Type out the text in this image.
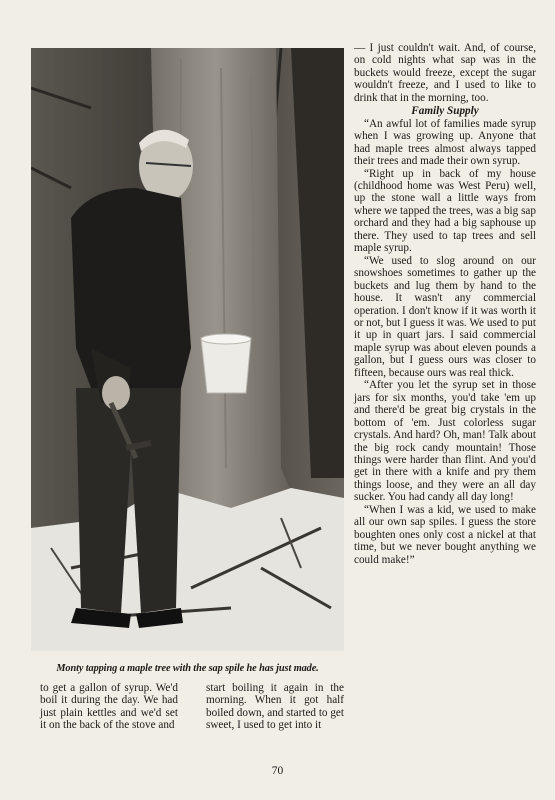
Monty tapping a maple tree with the sap spile he has just made.

— I just couldn't wait. And, of course, on cold nights what sap was in the buckets would freeze, except the sugar wouldn't freeze, and I used to like to drink that in the morning, too.

Family Supply

“An awful lot of families made syrup when I was growing up. Anyone that had maple trees almost always tapped their trees and made their own syrup.

“Right up in back of my house (childhood home was West Peru) well, up the stone wall a little ways from where we tapped the trees, was a big sap orchard and they had a big saphouse up there. They used to tap trees and sell maple syrup.

“We used to slog around on our snowshoes sometimes to gather up the buckets and lug them by hand to the house. It wasn't any commercial operation. I don't know if it was worth it or not, but I guess it was. We used to put it up in quart jars. I said commercial maple syrup was about eleven pounds a gallon, but I guess ours was closer to fifteen, because ours was real thick.

“After you let the syrup set in those jars for six months, you'd take 'em up and there'd be great big crystals in the bottom of 'em. Just colorless sugar crystals. And hard? Oh, man! Talk about the big rock candy mountain! Those things were harder than flint. And you'd get in there with a knife and pry them things loose, and they were an all day sucker. You had candy all day long!

“When I was a kid, we used to make all our own sap spiles. I guess the store boughten ones only cost a nickel at that time, but we never bought anything we could make!”

to get a gallon of syrup. We'd boil it during the day. We had just plain kettles and we'd set it on the back of the stove and

start boiling it again in the morning. When it got half boiled down, and started to get sweet, I used to get into it

70
